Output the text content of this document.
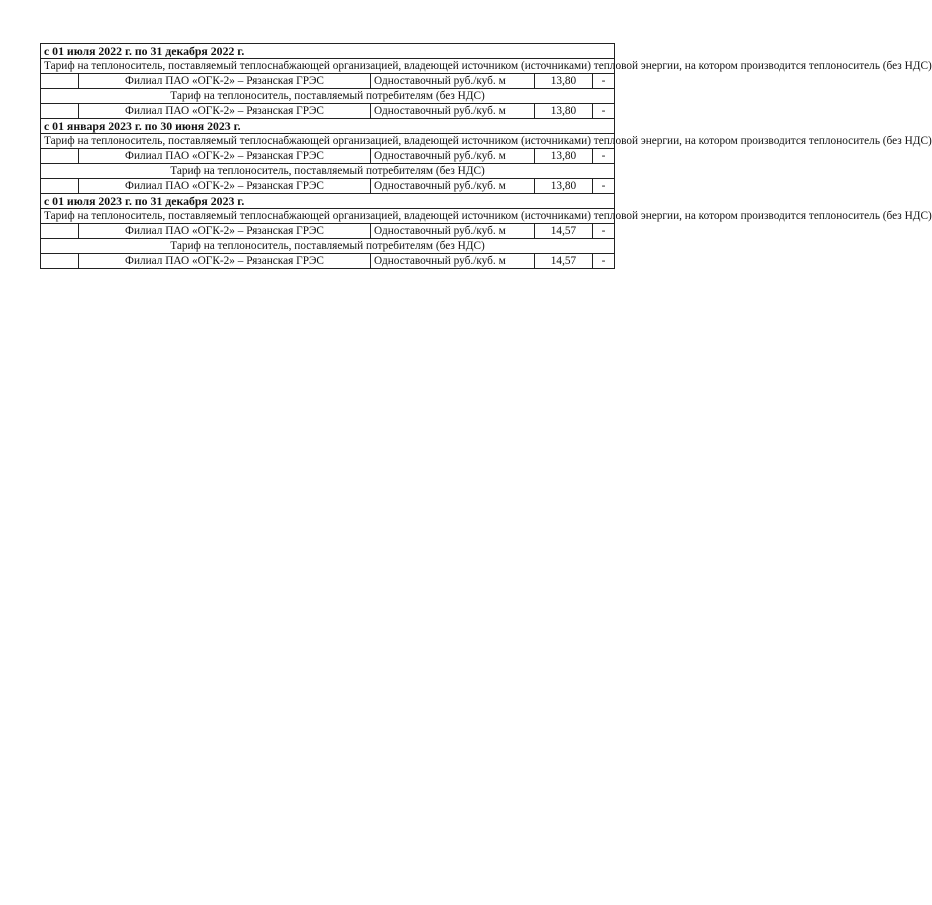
с 01 июля 2022 г. по 31 декабря 2022 г.				
Тариф на теплоноситель, поставляемый теплоснабжающей организацией, владеющей источником (источниками) тепловой энергии, на котором производится теплоноситель (без НДС)				
	Филиал ПАО «ОГК-2» – Рязанская ГРЭС	Одноставочный руб./куб. м	13,80	-
Тариф на теплоноситель, поставляемый потребителям (без НДС)				
	Филиал ПАО «ОГК-2» – Рязанская ГРЭС	Одноставочный руб./куб. м	13,80	-
с 01 января 2023 г. по 30 июня 2023 г.				
Тариф на теплоноситель, поставляемый теплоснабжающей организацией, владеющей источником (источниками) тепловой энергии, на котором производится теплоноситель (без НДС)				
	Филиал ПАО «ОГК-2» – Рязанская ГРЭС	Одноставочный руб./куб. м	13,80	-
Тариф на теплоноситель, поставляемый потребителям (без НДС)				
	Филиал ПАО «ОГК-2» – Рязанская ГРЭС	Одноставочный руб./куб. м	13,80	-
с 01 июля 2023 г. по 31 декабря 2023 г.				
Тариф на теплоноситель, поставляемый теплоснабжающей организацией, владеющей источником (источниками) тепловой энергии, на котором производится теплоноситель (без НДС)				
	Филиал ПАО «ОГК-2» – Рязанская ГРЭС	Одноставочный руб./куб. м	14,57	-
Тариф на теплоноситель, поставляемый потребителям (без НДС)				
	Филиал ПАО «ОГК-2» – Рязанская ГРЭС	Одноставочный руб./куб. м	14,57	-
